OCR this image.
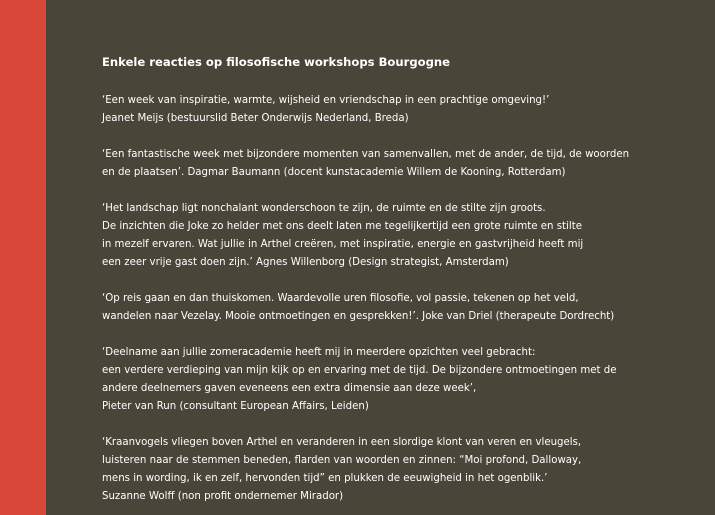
Enkele reacties op filosofische workshops Bourgogne
‘Een week van inspiratie, warmte, wijsheid en vriendschap in een prachtige omgeving!’
Jeanet Meijs (bestuurslid Beter Onderwijs Nederland, Breda)
‘Een fantastische week met bijzondere momenten van samenvallen, met de ander, de tijd, de woorden
en de plaatsen’. Dagmar Baumann (docent kunstacademie Willem de Kooning, Rotterdam)
‘Het landschap ligt nonchalant wonderschoon te zijn, de ruimte en de stilte zijn groots.
De inzichten die Joke zo helder met ons deelt laten me tegelijkertijd een grote ruimte en stilte
in mezelf ervaren. Wat jullie in Arthel creëren, met inspiratie, energie en gastvrijheid heeft mij
een zeer vrije gast doen zijn.’ Agnes Willenborg (Design strategist, Amsterdam)
‘Op reis gaan en dan thuiskomen. Waardevolle uren filosofie, vol passie, tekenen op het veld,
wandelen naar Vezelay. Mooie ontmoetingen en gesprekken!’. Joke van Driel (therapeute Dordrecht)
‘Deelname aan jullie zomeracademie heeft mij in meerdere opzichten veel gebracht:
een verdere verdieping van mijn kijk op en ervaring met de tijd. De bijzondere ontmoetingen met de
andere deelnemers gaven eveneens een extra dimensie aan deze week’,
Pieter van Run (consultant European Affairs, Leiden)
‘Kraanvogels vliegen boven Arthel en veranderen in een slordige klont van veren en vleugels,
luisteren naar de stemmen beneden, flarden van woorden en zinnen: “Moi profond, Dalloway,
mens in wording, ik en zelf, hervonden tijd” en plukken de eeuwigheid in het ogenblik.’
Suzanne Wolff (non profit ondernemer Mirador)
